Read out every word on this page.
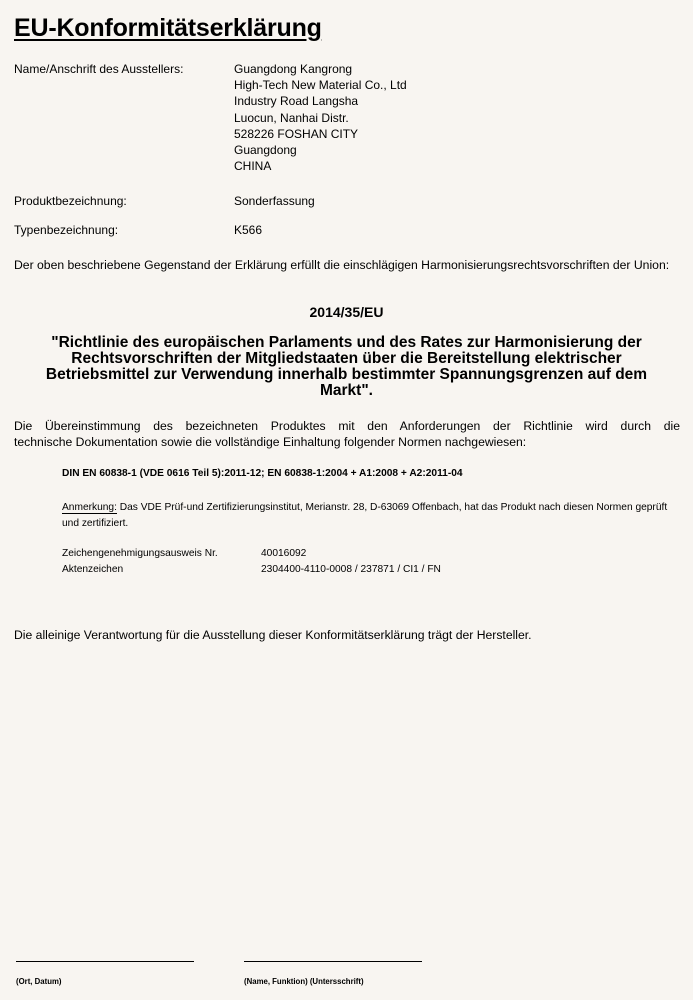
EU-Konformitätserklärung
Name/Anschrift des Ausstellers:	Guangdong Kangrong
High-Tech New Material Co., Ltd
Industry Road Langsha
Luocun, Nanhai Distr.
528226 FOSHAN CITY
Guangdong
CHINA
Produktbezeichnung:	Sonderfassung
Typenbezeichnung:	K566
Der oben beschriebene Gegenstand der Erklärung erfüllt die einschlägigen Harmonisierungsrechtsvorschriften der Union:
2014/35/EU
"Richtlinie des europäischen Parlaments und des Rates zur Harmonisierung der Rechtsvorschriften der Mitgliedstaaten über die Bereitstellung elektrischer Betriebsmittel zur Verwendung innerhalb bestimmter Spannungsgrenzen auf dem Markt".
Die Übereinstimmung des bezeichneten Produktes mit den Anforderungen der Richtlinie wird durch die
technische Dokumentation sowie die vollständige Einhaltung folgender Normen nachgewiesen:
DIN EN 60838-1 (VDE 0616 Teil 5):2011-12; EN 60838-1:2004 + A1:2008 + A2:2011-04
Anmerkung: Das VDE Prüf-und Zertifizierungsinstitut, Merianstr. 28, D-63069 Offenbach, hat das Produkt nach diesen Normen geprüft und zertifiziert.
Zeichengenehmigungsausweis Nr.	40016092
Aktenzeichen	2304400-4110-0008 / 237871 / CI1 / FN
Die alleinige Verantwortung für die Ausstellung dieser Konformitätserklärung trägt der Hersteller.
(Ort, Datum)	(Name, Funktion) (Untersschrift)
